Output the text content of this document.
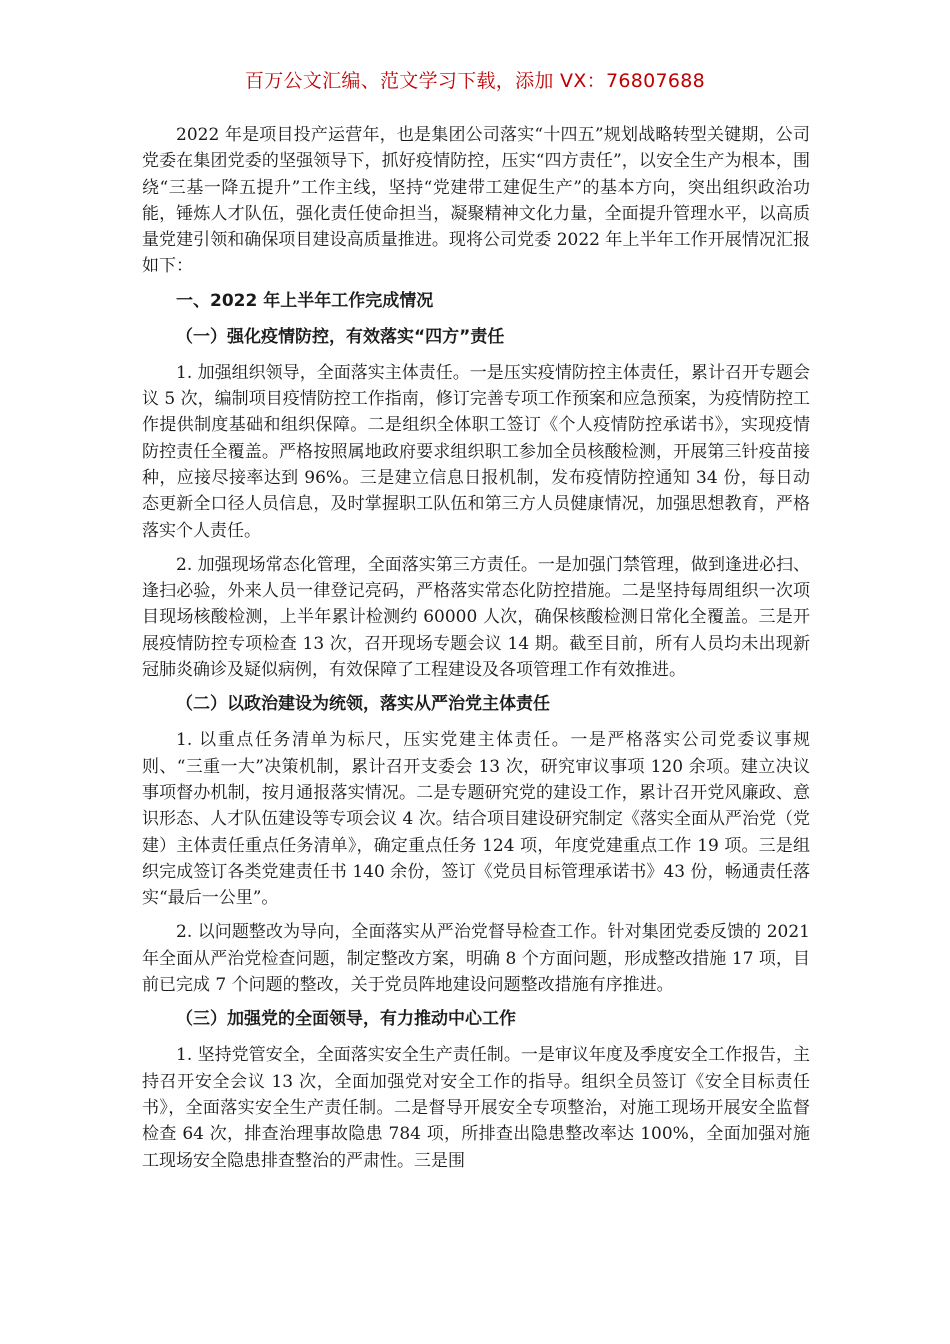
百万公文汇编、范文学习下载，添加 VX：76807688

2022 年是项目投产运营年，也是集团公司落实“十四五”规划战略转型关键期，公司党委在集团党委的坚强领导下，抓好疫情防控，压实“四方责任”，以安全生产为根本，围绕“三基一降五提升”工作主线，坚持“党建带工建促生产”的基本方向，突出组织政治功能，锤炼人才队伍，强化责任使命担当，凝聚精神文化力量，全面提升管理水平，以高质量党建引领和确保项目建设高质量推进。现将公司党委 2022 年上半年工作开展情况汇报如下：

一、2022 年上半年工作完成情况
（一）强化疫情防控，有效落实“四方”责任

1. 加强组织领导，全面落实主体责任。一是压实疫情防控主体责任，累计召开专题会议 5 次，编制项目疫情防控工作指南，修订完善专项工作预案和应急预案，为疫情防控工作提供制度基础和组织保障。二是组织全体职工签订《个人疫情防控承诺书》，实现疫情防控责任全覆盖。严格按照属地政府要求组织职工参加全员核酸检测，开展第三针疫苗接种，应接尽接率达到 96%。三是建立信息日报机制，发布疫情防控通知 34 份，每日动态更新全口径人员信息，及时掌握职工队伍和第三方人员健康情况，加强思想教育，严格落实个人责任。

2. 加强现场常态化管理，全面落实第三方责任。一是加强门禁管理，做到逢进必扫、逢扫必验，外来人员一律登记亮码，严格落实常态化防控措施。二是坚持每周组织一次项目现场核酸检测，上半年累计检测约 60000 人次，确保核酸检测日常化全覆盖。三是开展疫情防控专项检查 13 次，召开现场专题会议 14 期。截至目前，所有人员均未出现新冠肺炎确诊及疑似病例，有效保障了工程建设及各项管理工作有效推进。

（二）以政治建设为统领，落实从严治党主体责任

1. 以重点任务清单为标尺，压实党建主体责任。一是严格落实公司党委议事规则、“三重一大”决策机制，累计召开支委会 13 次，研究审议事项 120 余项。建立决议事项督办机制，按月通报落实情况。二是专题研究党的建设工作，累计召开党风廉政、意识形态、人才队伍建设等专项会议 4 次。结合项目建设研究制定《落实全面从严治党（党建）主体责任重点任务清单》，确定重点任务 124 项，年度党建重点工作 19 项。三是组织完成签订各类党建责任书 140 余份，签订《党员目标管理承诺书》43 份，畅通责任落实“最后一公里”。

2. 以问题整改为导向，全面落实从严治党督导检查工作。针对集团党委反馈的 2021 年全面从严治党检查问题，制定整改方案，明确 8 个方面问题，形成整改措施 17 项，目前已完成 7 个问题的整改，关于党员阵地建设问题整改措施有序推进。

（三）加强党的全面领导，有力推动中心工作

1. 坚持党管安全，全面落实安全生产责任制。一是审议年度及季度安全工作报告，主持召开安全会议 13 次，全面加强党对安全工作的指导。组织全员签订《安全目标责任书》，全面落实安全生产责任制。二是督导开展安全专项整治，对施工现场开展安全监督检查 64 次，排查治理事故隐患 784 项，所排查出隐患整改率达 100%，全面加强对施工现场安全隐患排查整治的严肃性。三是围
